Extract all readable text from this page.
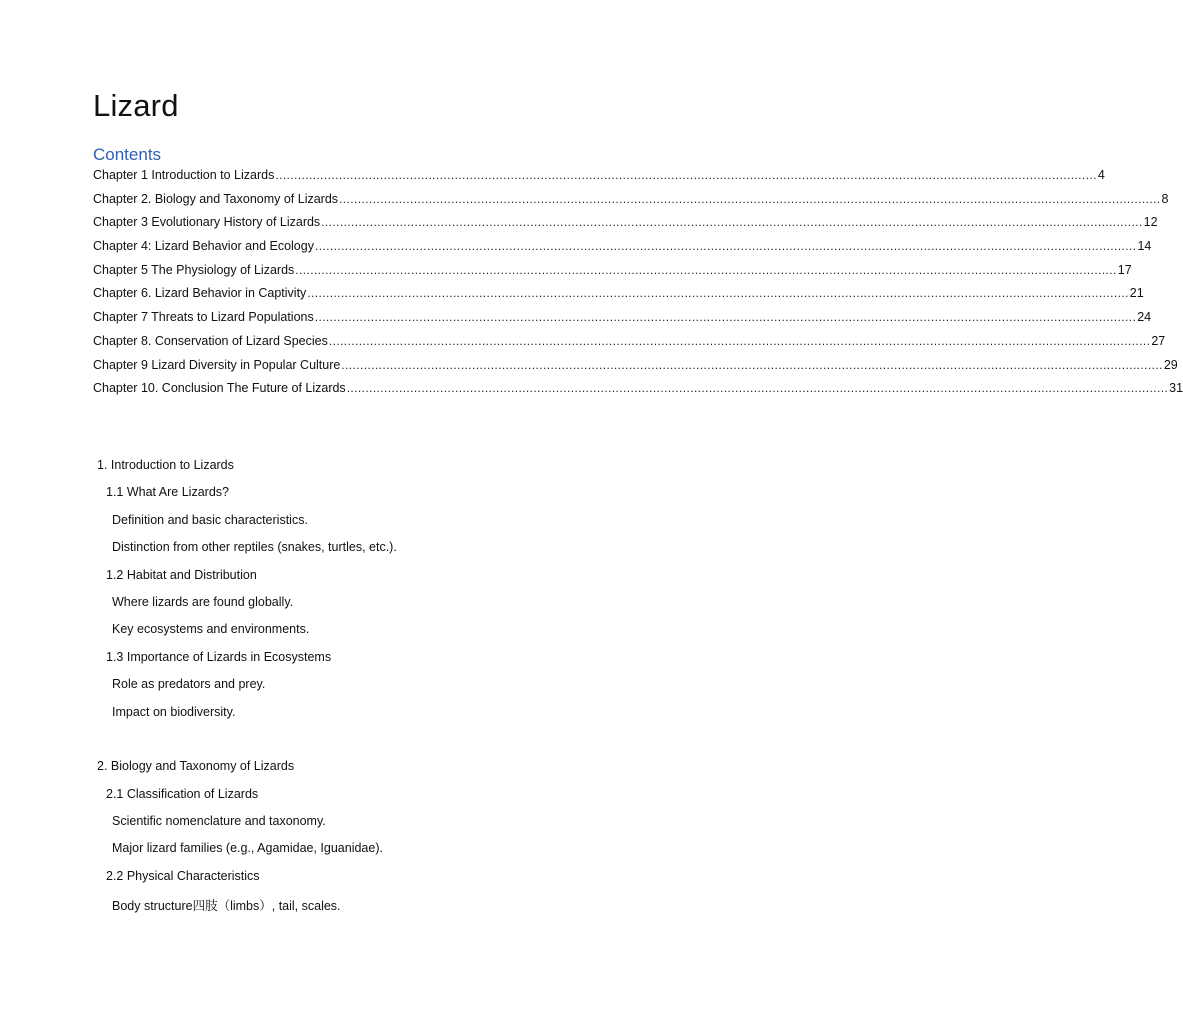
Lizard
Contents
Chapter 1 Introduction to Lizards ............................................................................................................................................................................................................................ 4
Chapter 2. Biology and Taxonomy of Lizards ............................................................................................................................................................................................................................ 8
Chapter 3 Evolutionary History of Lizards ............................................................................................................................................................................................................................ 12
Chapter 4: Lizard Behavior and Ecology ............................................................................................................................................................................................................................ 14
Chapter 5 The Physiology of Lizards ............................................................................................................................................................................................................................ 17
Chapter 6. Lizard Behavior in Captivity ............................................................................................................................................................................................................................ 21
Chapter 7 Threats to Lizard Populations ............................................................................................................................................................................................................................ 24
Chapter 8. Conservation of Lizard Species ............................................................................................................................................................................................................................ 27
Chapter 9 Lizard Diversity in Popular Culture ............................................................................................................................................................................................................................ 29
Chapter 10. Conclusion The Future of Lizards ............................................................................................................................................................................................................................ 31
1. Introduction to Lizards
1.1 What Are Lizards?
Definition and basic characteristics.
Distinction from other reptiles (snakes, turtles, etc.).
1.2 Habitat and Distribution
Where lizards are found globally.
Key ecosystems and environments.
1.3 Importance of Lizards in Ecosystems
Role as predators and prey.
Impact on biodiversity.
2. Biology and Taxonomy of Lizards
2.1 Classification of Lizards
Scientific nomenclature and taxonomy.
Major lizard families (e.g., Agamidae, Iguanidae).
2.2 Physical Characteristics
Body structure四肢（limbs）, tail, scales.
